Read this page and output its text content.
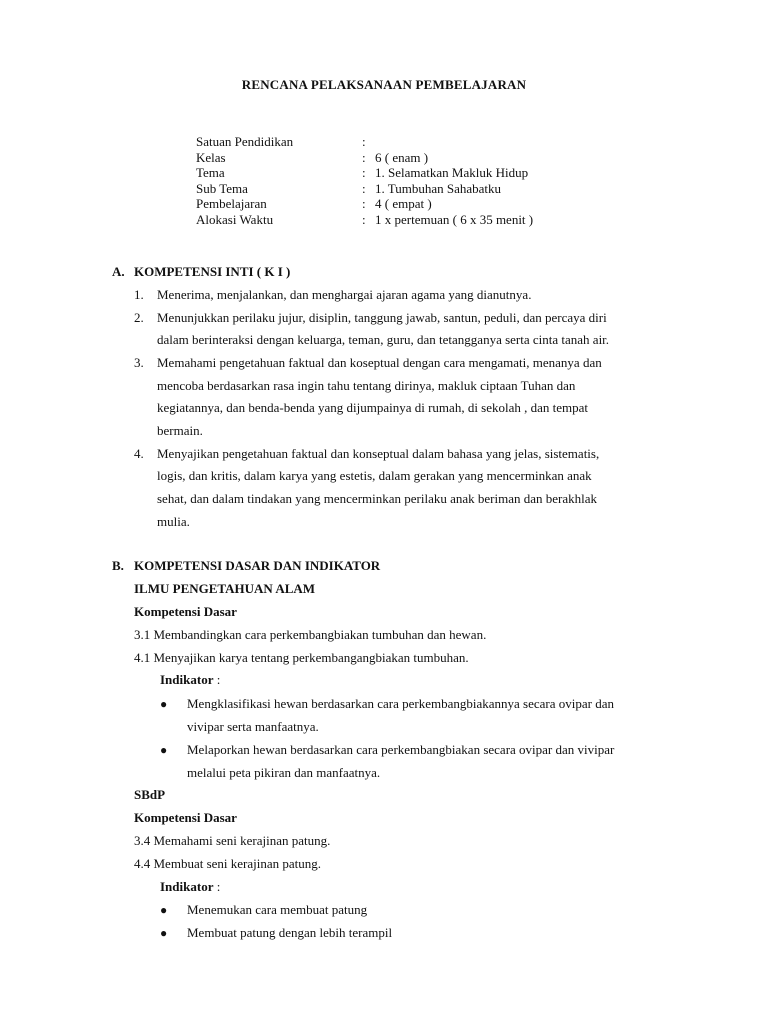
RENCANA PELAKSANAAN PEMBELAJARAN
Satuan Pendidikan	:
Kelas	: 6 ( enam )
Tema	: 1. Selamatkan Makluk Hidup
Sub Tema	: 1. Tumbuhan Sahabatku
Pembelajaran	: 4 ( empat )
Alokasi Waktu	: 1 x pertemuan ( 6 x 35 menit )
A. KOMPETENSI INTI ( K I )
1. Menerima, menjalankan, dan menghargai ajaran agama yang dianutnya.
2. Menunjukkan perilaku jujur, disiplin, tanggung jawab, santun, peduli, dan percaya diri
dalam berinteraksi dengan keluarga, teman, guru, dan tetangganya serta cinta tanah air.
3. Memahami pengetahuan faktual dan koseptual dengan cara mengamati, menanya dan
mencoba berdasarkan rasa ingin tahu tentang dirinya, makluk ciptaan Tuhan dan
kegiatannya, dan benda-benda yang dijumpainya di rumah, di sekolah , dan tempat
bermain.
4. Menyajikan pengetahuan faktual dan konseptual dalam bahasa yang jelas, sistematis,
logis, dan kritis, dalam karya yang estetis, dalam gerakan yang mencerminkan anak
sehat, dan dalam tindakan yang mencerminkan perilaku anak beriman dan berakhlak
mulia.
B. KOMPETENSI DASAR DAN INDIKATOR
ILMU PENGETAHUAN ALAM
Kompetensi Dasar
3.1 Membandingkan cara perkembangbiakan tumbuhan dan hewan.
4.1 Menyajikan karya tentang perkembangangbiakan tumbuhan.
Indikator :
● Mengklasifikasi hewan berdasarkan cara perkembangbiakannya secara ovipar dan
vivipar serta manfaatnya.
● Melaporkan hewan berdasarkan cara perkembangbiakan secara ovipar dan vivipar
melalui peta pikiran dan manfaatnya.
SBdP
Kompetensi Dasar
3.4 Memahami seni kerajinan patung.
4.4 Membuat seni kerajinan patung.
Indikator :
● Menemukan cara membuat patung
● Membuat patung dengan lebih terampil
